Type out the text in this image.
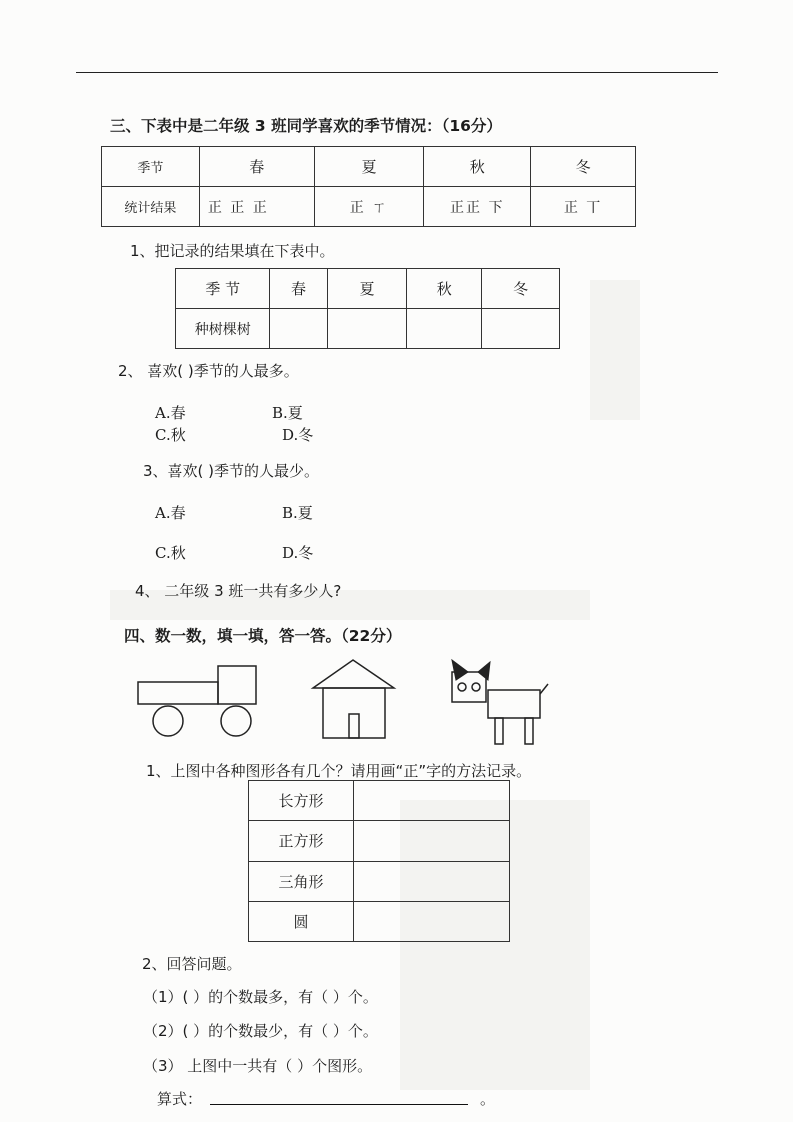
三、下表中是二年级 3 班同学喜欢的季节情况：（16分）
季节	春	夏	秋	冬
统计结果	正 正 正	正 ㄒ	正正 下	正 丅
1、把记录的结果填在下表中。
季 节	春	夏	秋	冬
种树棵树				
2、 喜欢( )季节的人最多。
A.春	B.夏
C.秋	D.冬
3、喜欢( )季节的人最少。
A.春	B.夏
C.秋	D.冬
4、 二年级 3 班一共有多少人?
四、数一数，填一填，答一答。（22分）
1、上图中各种图形各有几个？请用画“正”字的方法记录。
长方形	
正方形	
三角形	
圆	
2、回答问题。
（1）( ）的个数最多，有（ ）个。
（2）( ）的个数最少，有（ ）个。
（3） 上图中一共有（ ）个图形。
算式：	。
